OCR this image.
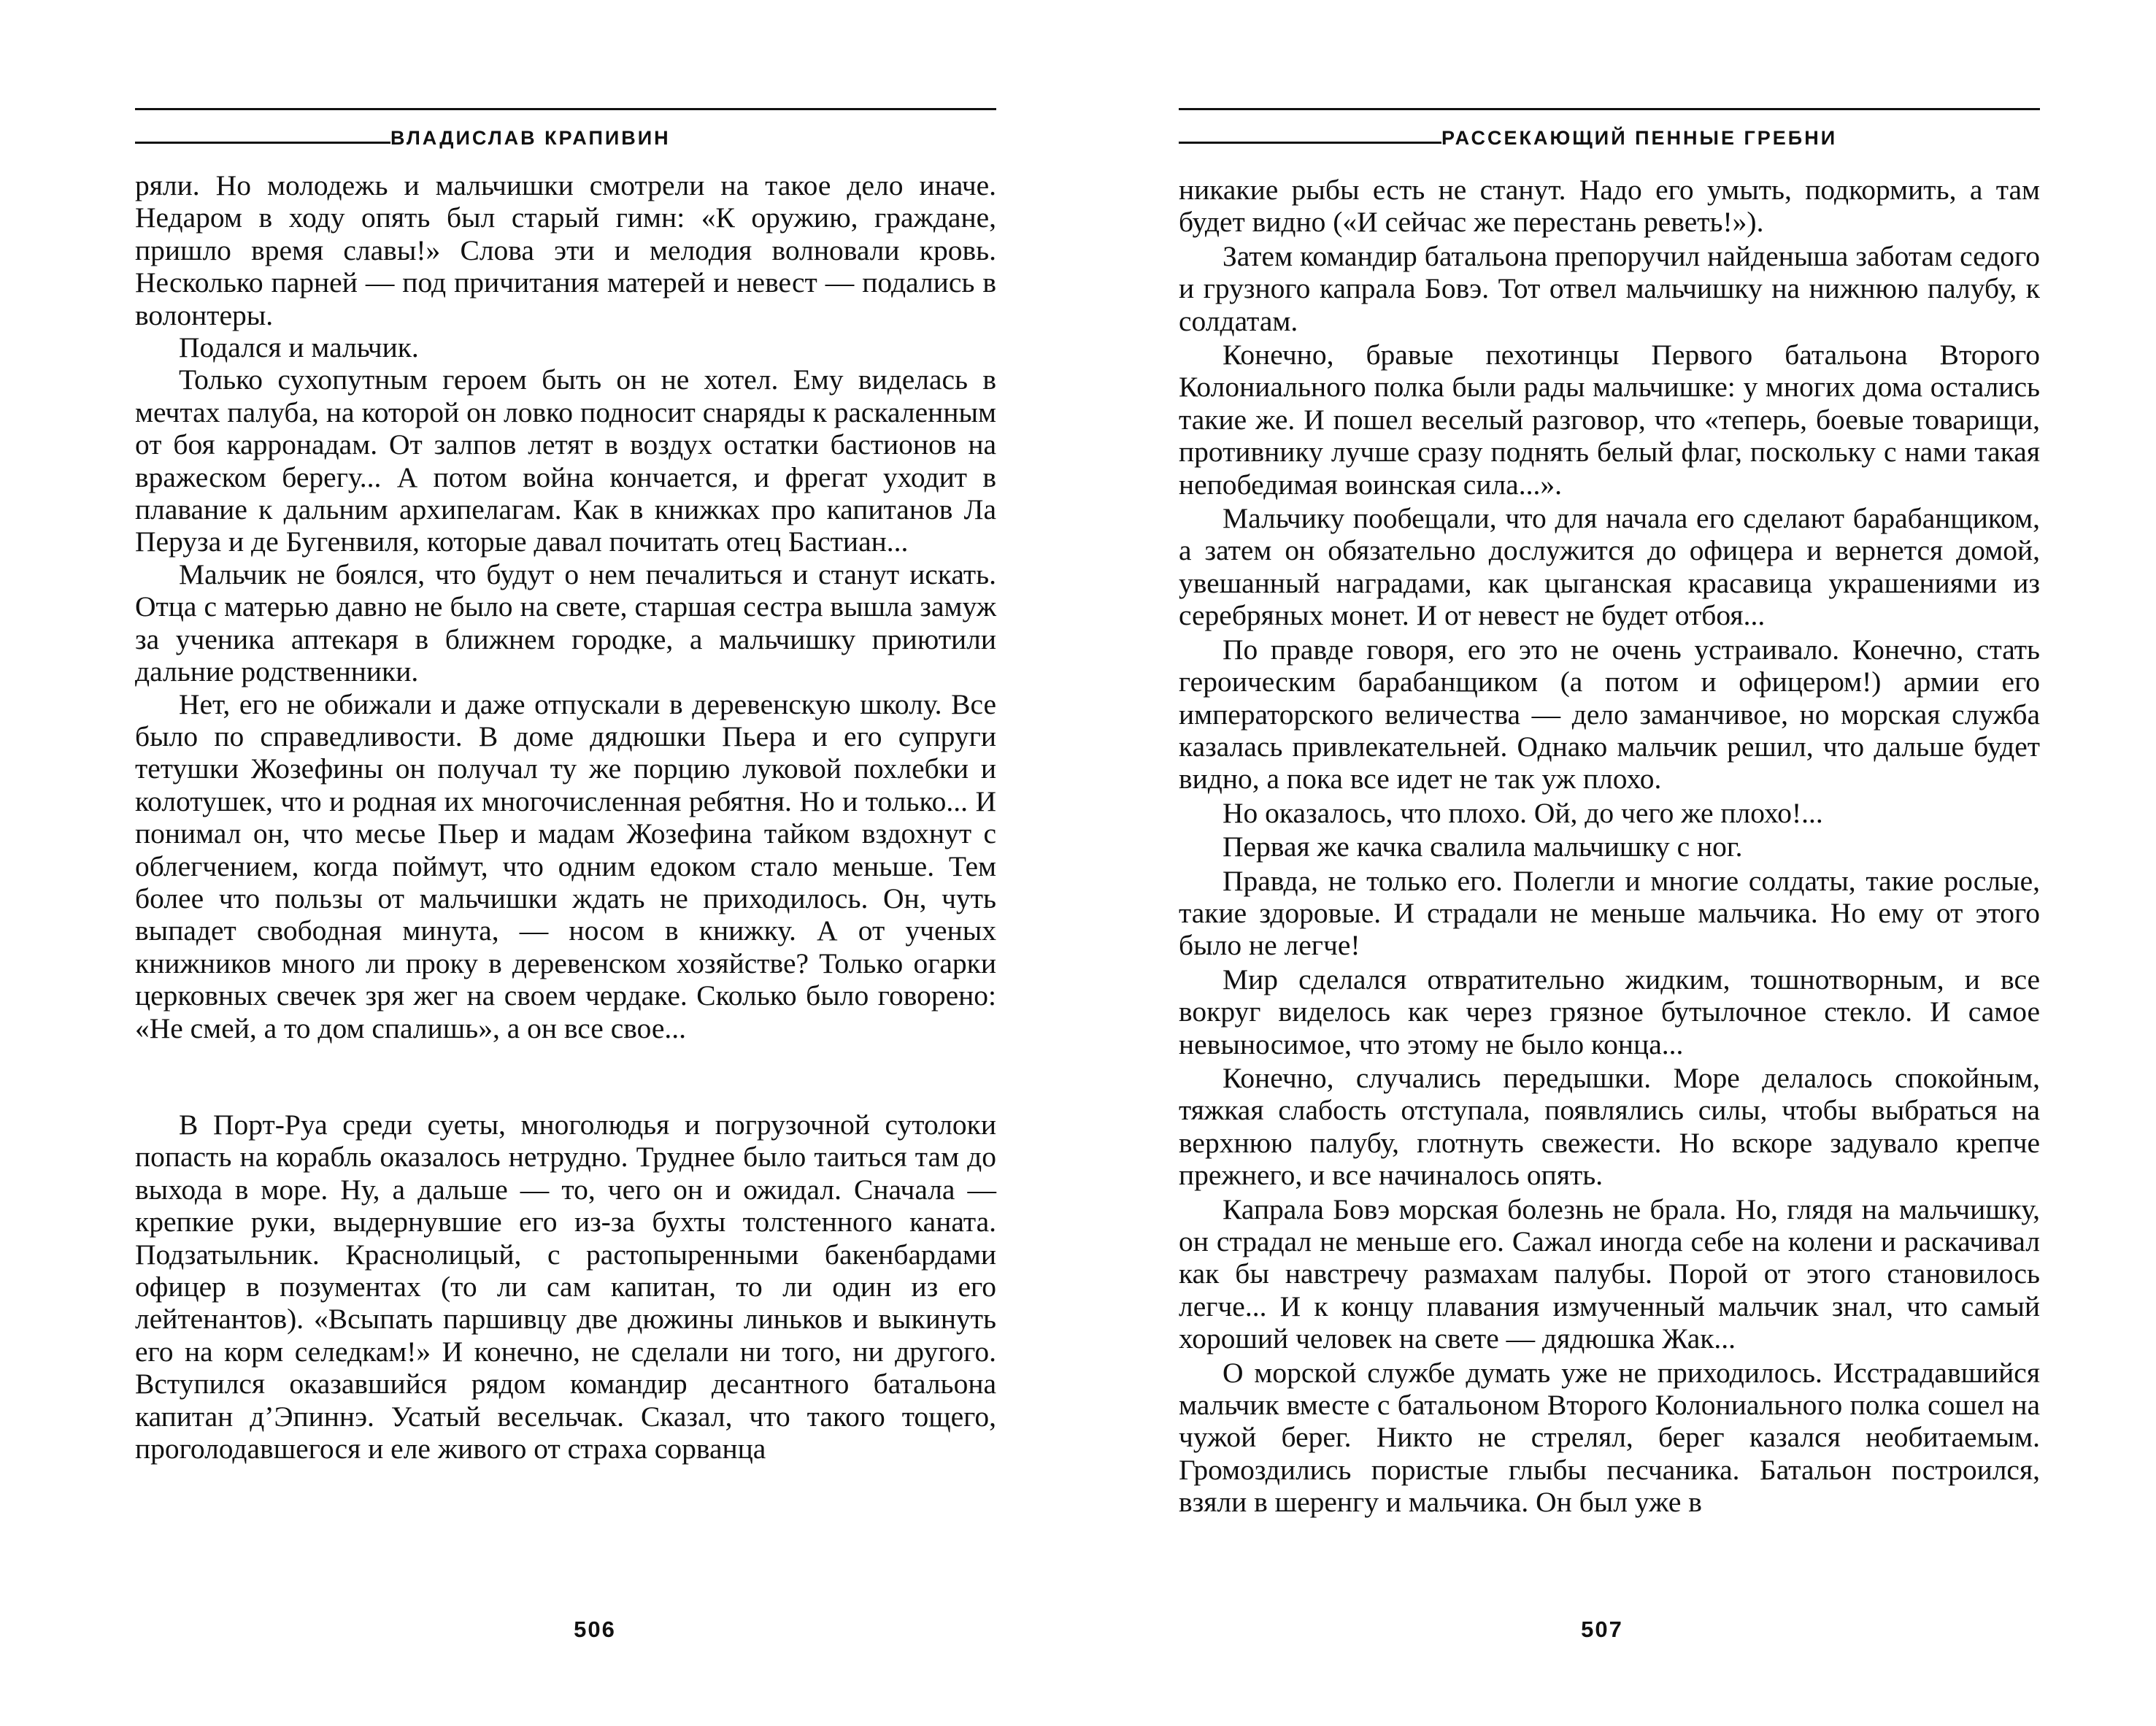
ВЛАДИСЛАВ КРАПИВИН

ряли. Но молодежь и мальчишки смотрели на такое дело иначе. Недаром в ходу опять был старый гимн: «К оружию, граждане, пришло время славы!» Слова эти и мелодия волновали кровь. Несколько парней — под причитания матерей и невест — подались в волонтеры.

Подался и мальчик.

Только сухопутным героем быть он не хотел. Ему виделась в мечтах палуба, на которой он ловко подносит снаряды к раскаленным от боя карронадам. От залпов летят в воздух остатки бастионов на вражеском берегу... А потом война кончается, и фрегат уходит в плавание к дальним архипелагам. Как в книжках про капитанов Ла Перуза и де Бугенвиля, которые давал почитать отец Бастиан...

Мальчик не боялся, что будут о нем печалиться и станут искать. Отца с матерью давно не было на свете, старшая сестра вышла замуж за ученика аптекаря в ближнем городке, а мальчишку приютили дальние родственники.

Нет, его не обижали и даже отпускали в деревенскую школу. Все было по справедливости. В доме дядюшки Пьера и его супруги тетушки Жозефины он получал ту же порцию луковой похлебки и колотушек, что и родная их многочисленная ребятня. Но и только... И понимал он, что месье Пьер и мадам Жозефина тайком вздохнут с облегчением, когда поймут, что одним едоком стало меньше. Тем более что пользы от мальчишки ждать не приходилось. Он, чуть выпадет свободная минута, — носом в книжку. А от ученых книжников много ли проку в деревенском хозяйстве? Только огарки церковных свечек зря жег на своем чердаке. Сколько было говорено: «Не смей, а то дом спалишь», а он все свое...

В Порт-Руа среди суеты, многолюдья и погрузочной сутолоки попасть на корабль оказалось нетрудно. Труднее было таиться там до выхода в море. Ну, а дальше — то, чего он и ожидал. Сначала — крепкие руки, выдернувшие его из-за бухты толстенного каната. Подзатыльник. Краснолицый, с растопыренными бакенбардами офицер в позументах (то ли сам капитан, то ли один из его лейтенантов). «Всыпать паршивцу две дюжины линьков и выкинуть его на корм селедкам!» И конечно, не сделали ни того, ни другого. Вступился оказавшийся рядом командир десантного батальона капитан д’Эпиннэ. Усатый весельчак. Сказал, что такого тощего, проголодавшегося и еле живого от страха сорванца

506
РАССЕКАЮЩИЙ ПЕННЫЕ ГРЕБНИ

никакие рыбы есть не станут. Надо его умыть, подкормить, а там будет видно («И сейчас же перестань реветь!»).

Затем командир батальона препоручил найденыша заботам седого и грузного капрала Бовэ. Тот отвел мальчишку на нижнюю палубу, к солдатам.

Конечно, бравые пехотинцы Первого батальона Второго Колониального полка были рады мальчишке: у многих дома остались такие же. И пошел веселый разговор, что «теперь, боевые товарищи, противнику лучше сразу поднять белый флаг, поскольку с нами такая непобедимая воинская сила...».

Мальчику пообещали, что для начала его сделают барабанщиком, а затем он обязательно дослужится до офицера и вернется домой, увешанный наградами, как цыганская красавица украшениями из серебряных монет. И от невест не будет отбоя...

По правде говоря, его это не очень устраивало. Конечно, стать героическим барабанщиком (а потом и офицером!) армии его императорского величества — дело заманчивое, но морская служба казалась привлекательней. Однако мальчик решил, что дальше будет видно, а пока все идет не так уж плохо.

Но оказалось, что плохо. Ой, до чего же плохо!...

Первая же качка свалила мальчишку с ног.

Правда, не только его. Полегли и многие солдаты, такие рослые, такие здоровые. И страдали не меньше мальчика. Но ему от этого было не легче!

Мир сделался отвратительно жидким, тошнотворным, и все вокруг виделось как через грязное бутылочное стекло. И самое невыносимое, что этому не было конца...

Конечно, случались передышки. Море делалось спокойным, тяжкая слабость отступала, появлялись силы, чтобы выбраться на верхнюю палубу, глотнуть свежести. Но вскоре задувало крепче прежнего, и все начиналось опять.

Капрала Бовэ морская болезнь не брала. Но, глядя на мальчишку, он страдал не меньше его. Сажал иногда себе на колени и раскачивал как бы навстречу размахам палубы. Порой от этого становилось легче... И к концу плавания измученный мальчик знал, что самый хороший человек на свете — дядюшка Жак...

О морской службе думать уже не приходилось. Исстрадавшийся мальчик вместе с батальоном Второго Колониального полка сошел на чужой берег. Никто не стрелял, берег казался необитаемым. Громоздились пористые глыбы песчаника. Батальон построился, взяли в шеренгу и мальчика. Он был уже в

507
